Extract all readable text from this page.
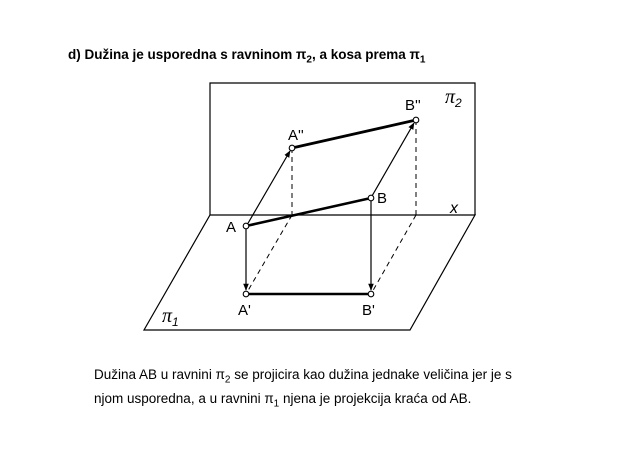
d) Dužina je usporedna s ravninom $\pi_2$, a kosa prema $\pi_1$
A''
B''
A
B
A'	B'
x
$\pi_2$
$\pi_1$
Dužina AB u ravnini $\pi_2$ se projicira kao dužina jednake veličina jer je s
njom usporedna, a u ravnini $\pi_1$ njena je projekcija kraća od AB.
